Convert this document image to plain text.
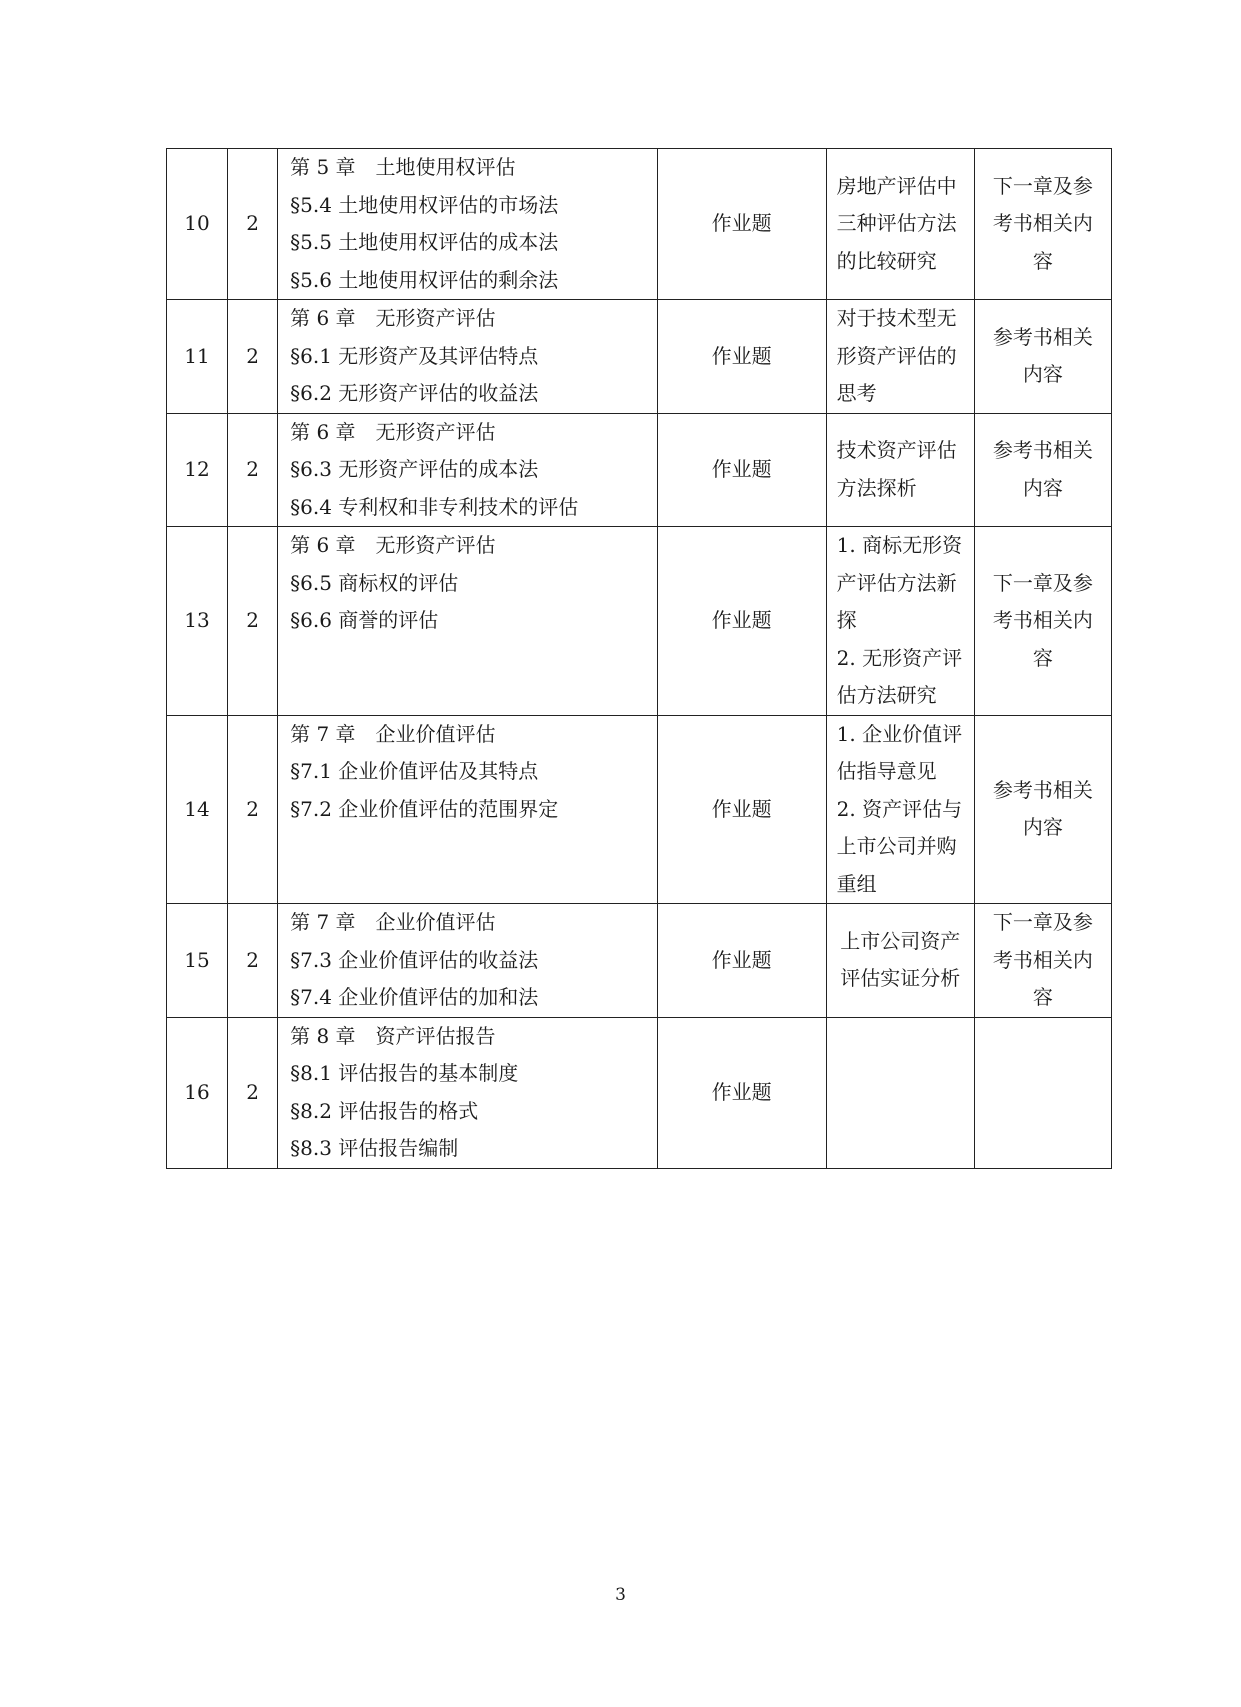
10	2	第 5 章　土地使用权评估
§5.4 土地使用权评估的市场法
§5.5 土地使用权评估的成本法
§5.6 土地使用权评估的剩余法	作业题	房地产评估中
三种评估方法
的比较研究	下一章及参
考书相关内
容

11	2	第 6 章　无形资产评估
§6.1 无形资产及其评估特点
§6.2 无形资产评估的收益法	作业题	对于技术型无
形资产评估的
思考	参考书相关
内容

12	2	第 6 章　无形资产评估
§6.3 无形资产评估的成本法
§6.4 专利权和非专利技术的评估	作业题	技术资产评估
方法探析	参考书相关
内容

13	2	第 6 章　无形资产评估
§6.5 商标权的评估
§6.6 商誉的评估	作业题	1. 商标无形资
产评估方法新
探
2. 无形资产评
估方法研究	下一章及参
考书相关内
容

14	2	第 7 章　企业价值评估
§7.1 企业价值评估及其特点
§7.2 企业价值评估的范围界定	作业题	1. 企业价值评
估指导意见
2. 资产评估与
上市公司并购
重组	参考书相关
内容

15	2	第 7 章　企业价值评估
§7.3 企业价值评估的收益法
§7.4 企业价值评估的加和法	作业题	上市公司资产
评估实证分析	下一章及参
考书相关内
容

16	2	第 8 章　资产评估报告
§8.1 评估报告的基本制度
§8.2 评估报告的格式
§8.3 评估报告编制	作业题		
3
